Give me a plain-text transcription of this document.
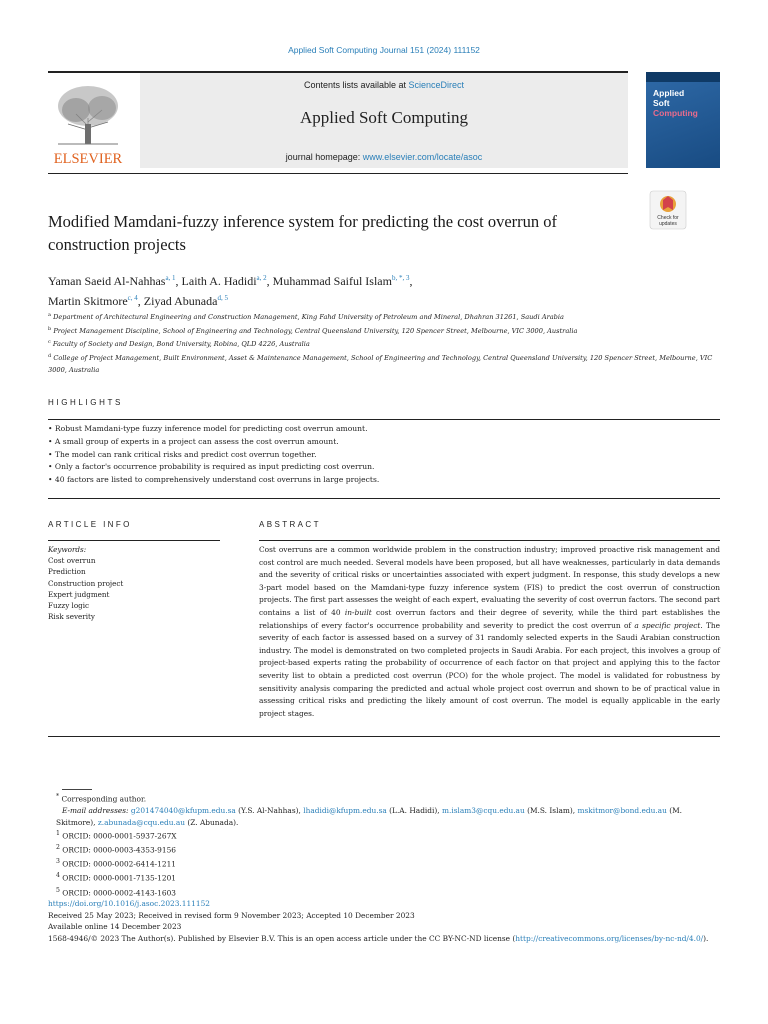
Applied Soft Computing Journal 151 (2024) 111152
ELSEVIER
Contents lists available at ScienceDirect
Applied Soft Computing
journal homepage: www.elsevier.com/locate/asoc
Applied
Soft
Computing
Check for
updates
Modified Mamdani-fuzzy inference system for predicting the cost overrun of construction projects
Yaman Saeid Al-Nahhas$^{a, 1}$, Laith A. Hadidi$^{a, 2}$, Muhammad Saiful Islam$^{b, *, 3}$,
Martin Skitmore$^{c, 4}$, Ziyad Abunada$^{d, 5}$
$^a$ Department of Architectural Engineering and Construction Management, King Fahd University of Petroleum and Mineral, Dhahran 31261, Saudi Arabia
$^b$ Project Management Discipline, School of Engineering and Technology, Central Queensland University, 120 Spencer Street, Melbourne, VIC 3000, Australia
$^c$ Faculty of Society and Design, Bond University, Robina, QLD 4226, Australia
$^d$ College of Project Management, Built Environment, Asset & Maintenance Management, School of Engineering and Technology, Central Queensland University, 120 Spencer Street, Melbourne, VIC 3000, Australia
HIGHLIGHTS
• Robust Mamdani-type fuzzy inference model for predicting cost overrun amount.
• A small group of experts in a project can assess the cost overrun amount.
• The model can rank critical risks and predict cost overrun together.
• Only a factor's occurrence probability is required as input predicting cost overrun.
• 40 factors are listed to comprehensively understand cost overruns in large projects.
ARTICLE INFO	ABSTRACT
Keywords:
Cost overrun
Prediction
Construction project
Expert judgment
Fuzzy logic
Risk severity
Cost overruns are a common worldwide problem in the construction industry; improved proactive risk management and cost control are much needed. Several models have been proposed, but all have weaknesses, particularly in data demands and the severity of critical risks or uncertainties associated with expert judgment. In response, this study develops a new 3-part model based on the Mamdani-type fuzzy inference system (FIS) to predict the cost overrun of construction projects. The first part assesses the weight of each expert, evaluating the severity of cost overrun factors. The second part contains a list of 40 in-built cost overrun factors and their degree of severity, while the third part establishes the relationships of every factor's occurrence probability and severity to predict the cost overrun of a specific project. The severity of each factor is assessed based on a survey of 31 randomly selected experts in the Saudi Arabian construction industry. The model is demonstrated on two completed projects in Saudi Arabia. For each project, this involves a group of project-based experts rating the probability of occurrence of each factor on that project and applying this to the factor severity list to obtain a predicted cost overrun (PCO) for the whole project. The model is validated for robustness by sensitivity analysis comparing the predicted and actual whole project cost overrun and shown to be of practical value in assessing critical risks and predicting the likely amount of cost overrun. The model is equally applicable in the early project stages.
* Corresponding author.
E-mail addresses: g201474040@kfupm.edu.sa (Y.S. Al-Nahhas), lhadidi@kfupm.edu.sa (L.A. Hadidi), m.islam3@cqu.edu.au (M.S. Islam), mskitmor@bond.edu.au (M. Skitmore), z.abunada@cqu.edu.au (Z. Abunada).
$^1$ ORCID: 0000-0001-5937-267X
$^2$ ORCID: 0000-0003-4353-9156
$^3$ ORCID: 0000-0002-6414-1211
$^4$ ORCID: 0000-0001-7135-1201
$^5$ ORCID: 0000-0002-4143-1603
https://doi.org/10.1016/j.asoc.2023.111152
Received 25 May 2023; Received in revised form 9 November 2023; Accepted 10 December 2023
Available online 14 December 2023
1568-4946/© 2023 The Author(s). Published by Elsevier B.V. This is an open access article under the CC BY-NC-ND license (http://creativecommons.org/licenses/by-nc-nd/4.0/).
